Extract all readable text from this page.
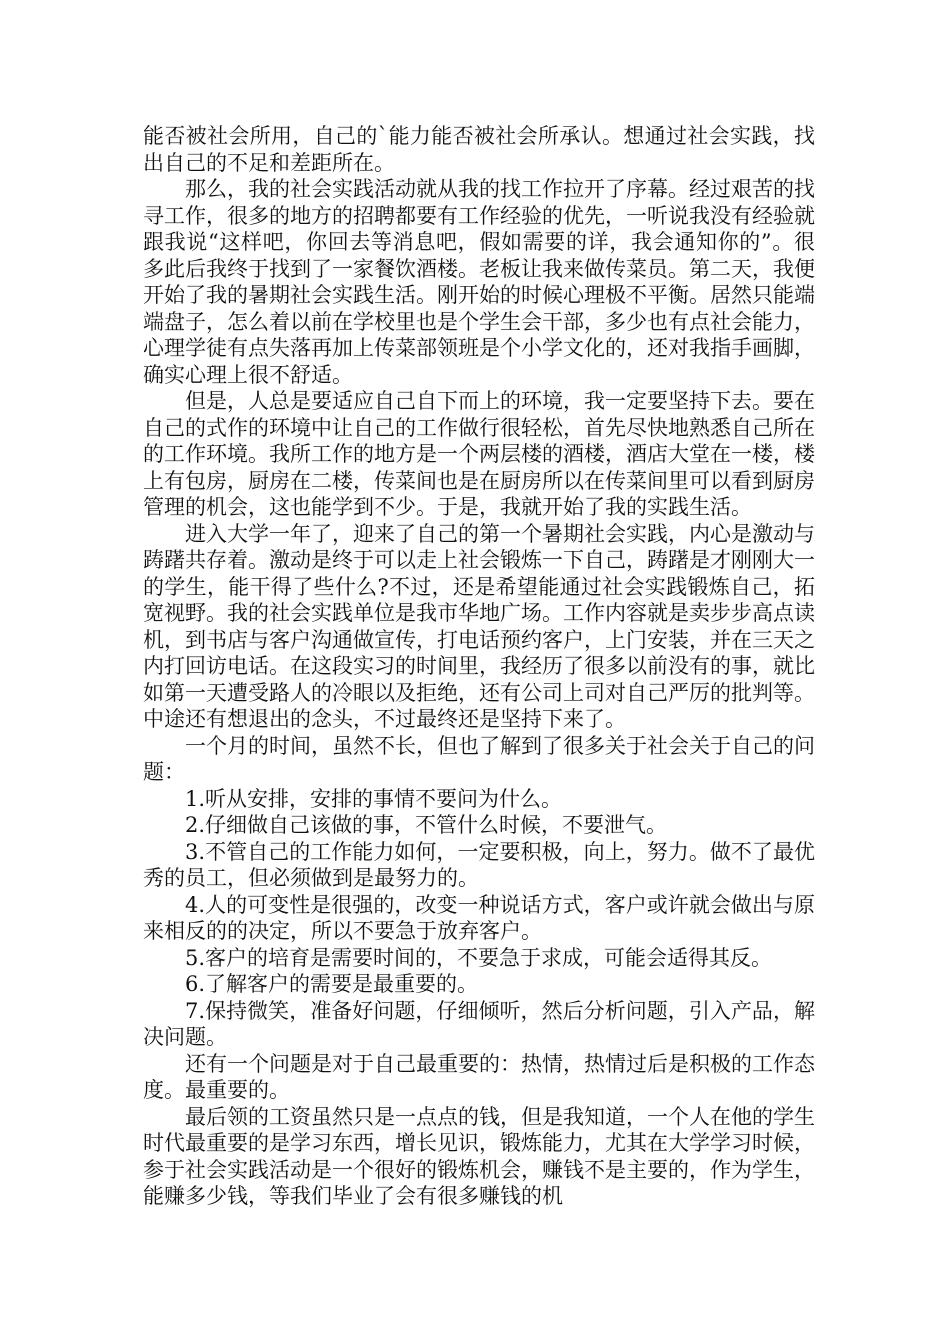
能否被社会所用，自己的`能力能否被社会所承认。想通过社会实践，找出自己的不足和差距所在。

那么，我的社会实践活动就从我的找工作拉开了序幕。经过艰苦的找寻工作，很多的地方的招聘都要有工作经验的优先，一听说我没有经验就跟我说“这样吧，你回去等消息吧，假如需要的详，我会通知你的”。很多此后我终于找到了一家餐饮酒楼。老板让我来做传菜员。第二天，我便开始了我的暑期社会实践生活。刚开始的时候心理极不平衡。居然只能端端盘子，怎么着以前在学校里也是个学生会干部，多少也有点社会能力，心理学徒有点失落再加上传菜部领班是个小学文化的，还对我指手画脚，确实心理上很不舒适。

但是，人总是要适应自己自下而上的环境，我一定要坚持下去。要在自己的式作的环境中让自己的工作做行很轻松，首先尽快地熟悉自己所在的工作环境。我所工作的地方是一个两层楼的酒楼，酒店大堂在一楼，楼上有包房，厨房在二楼，传菜间也是在厨房所以在传菜间里可以看到厨房管理的机会，这也能学到不少。于是，我就开始了我的实践生活。

进入大学一年了，迎来了自己的第一个暑期社会实践，内心是激动与踌躇共存着。激动是终于可以走上社会锻炼一下自己，踌躇是才刚刚大一的学生，能干得了些什么?不过，还是希望能通过社会实践锻炼自己，拓宽视野。我的社会实践单位是我市华地广场。工作内容就是卖步步高点读机，到书店与客户沟通做宣传，打电话预约客户，上门安装，并在三天之内打回访电话。在这段实习的时间里，我经历了很多以前没有的事，就比如第一天遭受路人的冷眼以及拒绝，还有公司上司对自己严厉的批判等。中途还有想退出的念头，不过最终还是坚持下来了。

一个月的时间，虽然不长，但也了解到了很多关于社会关于自己的问题：

1.听从安排，安排的事情不要问为什么。

2.仔细做自己该做的事，不管什么时候，不要泄气。

3.不管自己的工作能力如何，一定要积极，向上，努力。做不了最优秀的员工，但必须做到是最努力的。

4.人的可变性是很强的，改变一种说话方式，客户或许就会做出与原来相反的的决定，所以不要急于放弃客户。

5.客户的培育是需要时间的，不要急于求成，可能会适得其反。

6.了解客户的需要是最重要的。

7.保持微笑，准备好问题，仔细倾听，然后分析问题，引入产品，解决问题。

还有一个问题是对于自己最重要的：热情，热情过后是积极的工作态度。最重要的。

最后领的工资虽然只是一点点的钱，但是我知道，一个人在他的学生时代最重要的是学习东西，增长见识，锻炼能力，尤其在大学学习时候，参于社会实践活动是一个很好的锻炼机会，赚钱不是主要的，作为学生，能赚多少钱，等我们毕业了会有很多赚钱的机
